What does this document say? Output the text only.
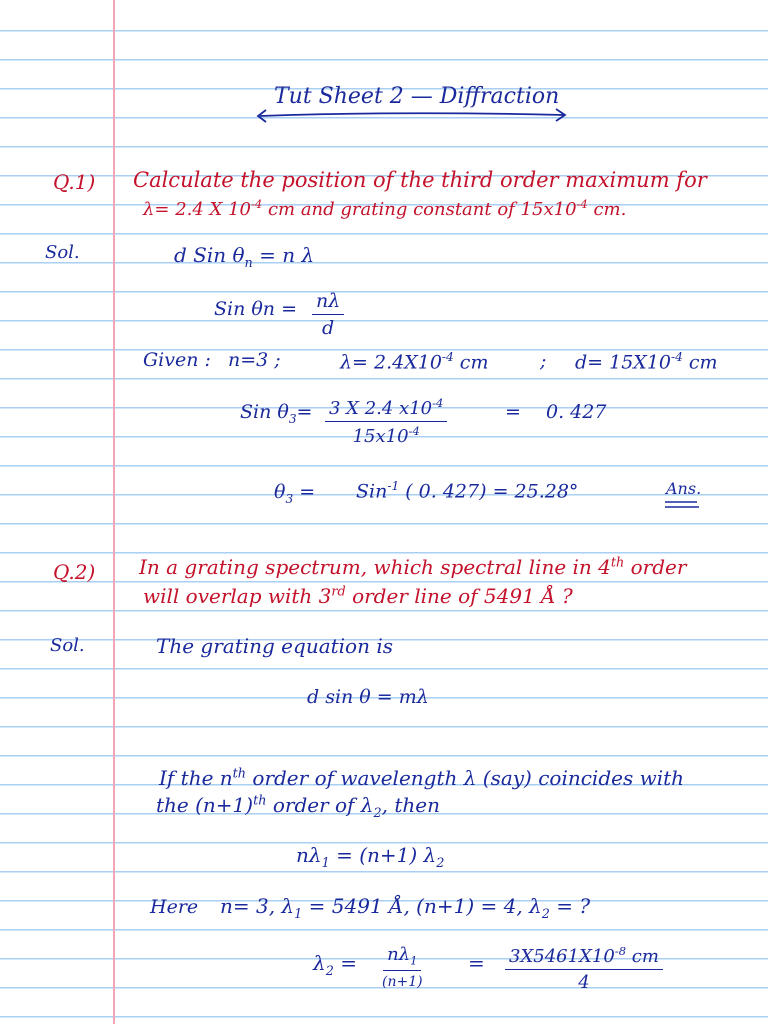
Tut Sheet 2 — Diffraction
Q.1) Calculate the position of the third order maximum for
λ= 2.4 X $10^{-4}$ cm and grating constant of $15x10^{-4}$ cm.
Sol.	d Sin $\theta_n = n$ λ
Sin $\theta n = \frac{n\lambda}{d}$
Given : n=3 ;	$\lambda= 2.4X10^{-4}$ cm	; $d= 15X10^{-4}$ cm
Sin $\theta_3= \frac{3 X 2.4 x10^{-4}}{15x10^{-4}}$	= 0. 427
$\theta_3 = Sin^{-1}$ ( 0. 427) = 25.28°	Ans.
Q.2) In a grating spectrum, which spectral line in 4th order
will overlap with 3rd order line of 5491 Å ?
Sol.	The grating equation is
d sin θ = mλ
If the $n^{th}$ order of wavelength λ (say) coincides with
the $(n+1)^{th}$ order of $\lambda_2$, then
$n\lambda_1 = (n+1)$ $\lambda_2$
Here n= 3, $\lambda_1 = 5491$ Å, (n+1) = 4, $\lambda_2$ = ?
$\lambda_2 = n\lambda_1$
(n+1)
= $\frac{3X5461X10^{-8} cm}{4}$
